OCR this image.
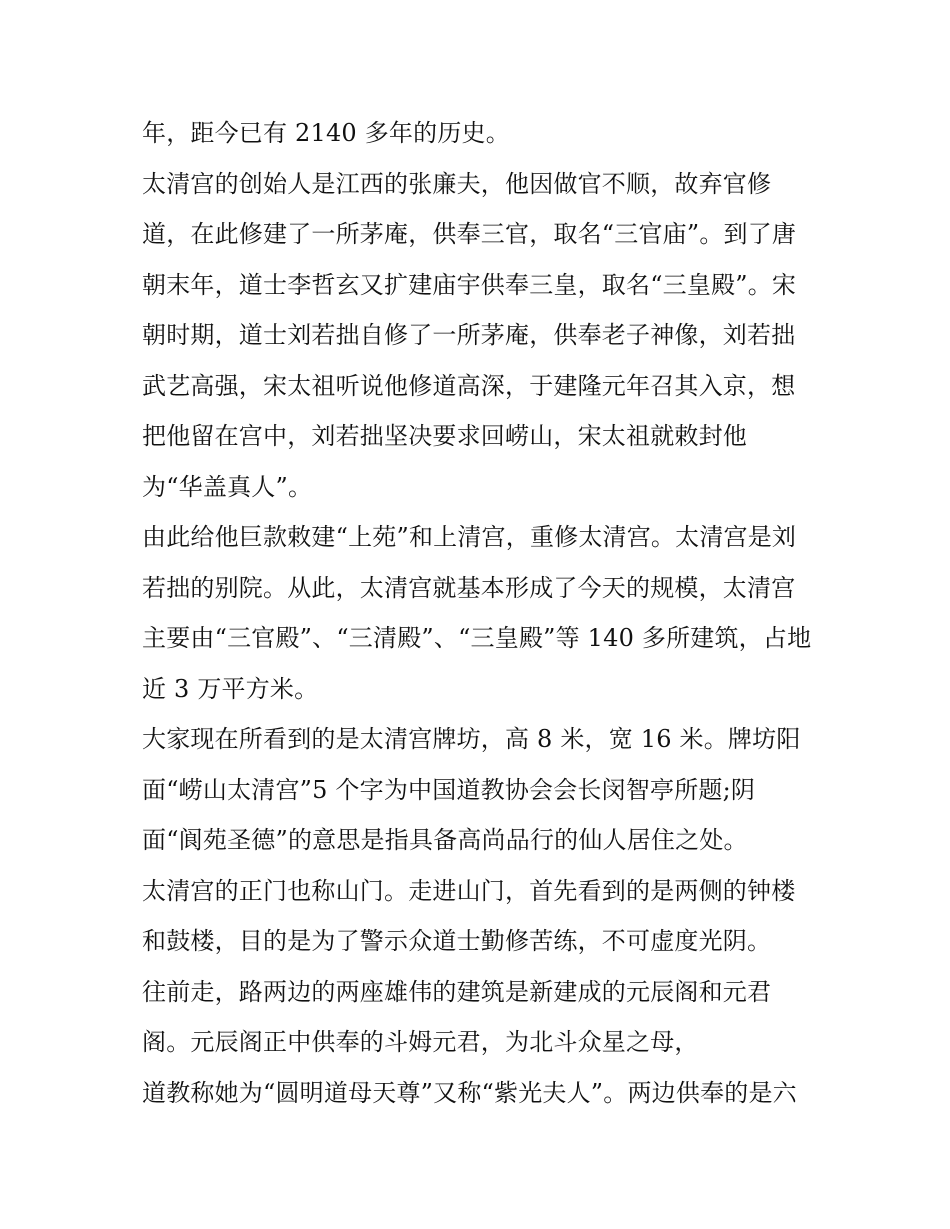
年，距今已有 2140 多年的历史。
太清宫的创始人是江西的张廉夫，他因做官不顺，故弃官修
道，在此修建了一所茅庵，供奉三官，取名“三官庙”。到了唐
朝末年，道士李哲玄又扩建庙宇供奉三皇，取名“三皇殿”。宋
朝时期，道士刘若拙自修了一所茅庵，供奉老子神像，刘若拙
武艺高强，宋太祖听说他修道高深，于建隆元年召其入京，想
把他留在宫中，刘若拙坚决要求回崂山，宋太祖就敕封他
为“华盖真人”。
由此给他巨款敕建“上苑”和上清宫，重修太清宫。太清宫是刘
若拙的别院。从此，太清宫就基本形成了今天的规模，太清宫
主要由“三官殿”、“三清殿”、“三皇殿”等 140 多所建筑，占地
近 3 万平方米。
大家现在所看到的是太清宫牌坊，高 8 米，宽 16 米。牌坊阳
面“崂山太清宫”5 个字为中国道教协会会长闵智亭所题;阴
面“阆苑圣德”的意思是指具备高尚品行的仙人居住之处。
太清宫的正门也称山门。走进山门，首先看到的是两侧的钟楼
和鼓楼，目的是为了警示众道士勤修苦练，不可虚度光阴。
往前走，路两边的两座雄伟的建筑是新建成的元辰阁和元君
阁。元辰阁正中供奉的斗姆元君，为北斗众星之母，
道教称她为“圆明道母天尊”又称“紫光夫人”。两边供奉的是六
